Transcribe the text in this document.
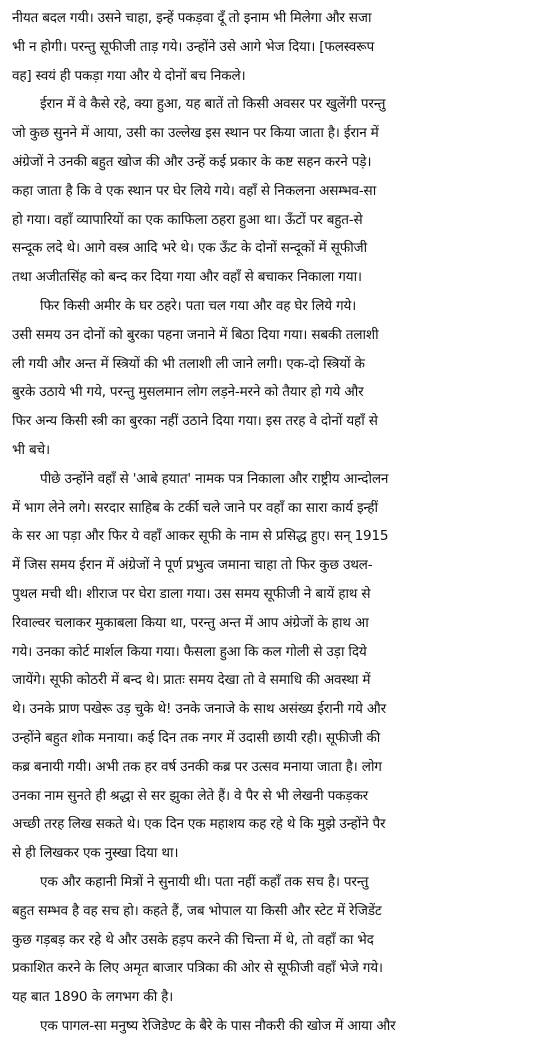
नीयत बदल गयी। उसने चाहा, इन्हें पकड़वा दूँ तो इनाम भी मिलेगा और सजा
भी न होगी। परन्तु सूफीजी ताड़ गये। उन्होंने उसे आगे भेज दिया। [फलस्वरूप
वह] स्वयं ही पकड़ा गया और ये दोनों बच निकले।
ईरान में वे कैसे रहे, क्या हुआ, यह बातें तो किसी अवसर पर खुलेंगी परन्तु
जो कुछ सुनने में आया, उसी का उल्लेख इस स्थान पर किया जाता है। ईरान में
अंग्रेजों ने उनकी बहुत खोज की और उन्हें कई प्रकार के कष्ट सहन करने पड़े।
कहा जाता है कि वे एक स्थान पर घेर लिये गये। वहाँ से निकलना असम्भव-सा
हो गया। वहाँ व्यापारियों का एक काफिला ठहरा हुआ था। ऊँटों पर बहुत-से
सन्दूक लदे थे। आगे वस्त्र आदि भरे थे। एक ऊँट के दोनों सन्दूकों में सूफीजी
तथा अजीतसिंह को बन्द कर दिया गया और वहाँ से बचाकर निकाला गया।
फिर किसी अमीर के घर ठहरे। पता चल गया और वह घेर लिये गये।
उसी समय उन दोनों को बुरका पहना जनाने में बिठा दिया गया। सबकी तलाशी
ली गयी और अन्त में स्त्रियों की भी तलाशी ली जाने लगी। एक-दो स्त्रियों के
बुरके उठाये भी गये, परन्तु मुसलमान लोग लड़ने-मरने को तैयार हो गये और
फिर अन्य किसी स्त्री का बुरका नहीं उठाने दिया गया। इस तरह वे दोनों यहाँ से
भी बचे।
पीछे उन्होंने वहाँ से 'आबे हयात' नामक पत्र निकाला और राष्ट्रीय आन्दोलन
में भाग लेने लगे। सरदार साहिब के टर्की चले जाने पर वहाँ का सारा कार्य इन्हीं
के सर आ पड़ा और फिर ये वहाँ आकर सूफी के नाम से प्रसिद्ध हुए। सन् 1915
में जिस समय ईरान में अंग्रेजों ने पूर्ण प्रभुत्व जमाना चाहा तो फिर कुछ उथल-
पुथल मची थी। शीराज पर घेरा डाला गया। उस समय सूफीजी ने बायें हाथ से
रिवाल्वर चलाकर मुकाबला किया था, परन्तु अन्त में आप अंग्रेजों के हाथ आ
गये। उनका कोर्ट मार्शल किया गया। फैसला हुआ कि कल गोली से उड़ा दिये
जायेंगे। सूफी कोठरी में बन्द थे। प्रातः समय देखा तो वे समाधि की अवस्था में
थे। उनके प्राण पखेरू उड़ चुके थे! उनके जनाजे के साथ असंख्य ईरानी गये और
उन्होंने बहुत शोक मनाया। कई दिन तक नगर में उदासी छायी रही। सूफीजी की
कब्र बनायी गयी। अभी तक हर वर्ष उनकी कब्र पर उत्सव मनाया जाता है। लोग
उनका नाम सुनते ही श्रद्धा से सर झुका लेते हैं। वे पैर से भी लेखनी पकड़कर
अच्छी तरह लिख सकते थे। एक दिन एक महाशय कह रहे थे कि मुझे उन्होंने पैर
से ही लिखकर एक नुस्खा दिया था।
एक और कहानी मित्रों ने सुनायी थी। पता नहीं कहाँ तक सच है। परन्तु
बहुत सम्भव है वह सच हो। कहते हैं, जब भोपाल या किसी और स्टेट में रेजिडेंट
कुछ गड़बड़ कर रहे थे और उसके हड़प करने की चिन्ता में थे, तो वहाँ का भेद
प्रकाशित करने के लिए अमृत बाजार पत्रिका की ओर से सूफीजी वहाँ भेजे गये।
यह बात 1890 के लगभग की है।
एक पागल-सा मनुष्य रेजिडेण्ट के बैरे के पास नौकरी की खोज में आया और
